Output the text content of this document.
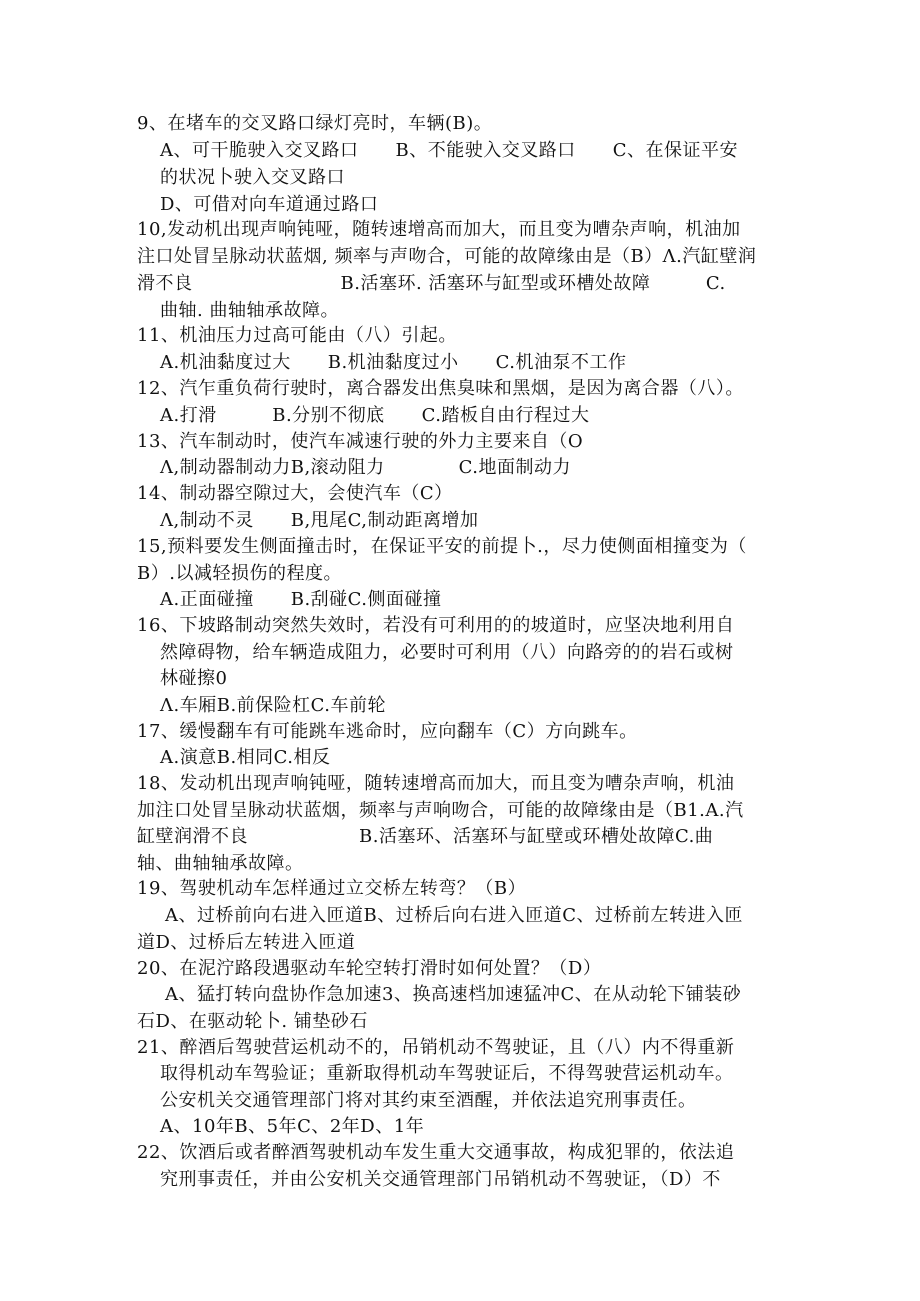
9、在堵车的交叉路口绿灯亮时，车辆(B)。
A、可干脆驶入交叉路口　　B、不能驶入交叉路口　　C、在保证平安
的状况卜驶入交叉路口
D、可借对向车道通过路口
10,发动机出现声响钝哑，随转速增高而加大，而且变为嘈杂声响，机油加
注口处冒呈脉动状蓝烟, 频率与声吻合，可能的故障缘由是（B）Λ.汽缸壁润
滑不良　　　　　　　　B.活塞环. 活塞环与缸型或环槽处故障　　　C.
曲轴. 曲轴轴承故障。
11、机油压力过高可能由（八）引起。
A.机油黏度过大　　B.机油黏度过小　　C.机油泵不工作
12、汽乍重负荷行驶时，离合器发出焦臭味和黑烟，是因为离合器（八）。
A.打滑　　　B.分别不彻底　　C.踏板自由行程过大
13、汽车制动时，使汽车减速行驶的外力主要来自（O
Λ,制动器制动力B,滚动阻力　　　　C.地面制动力
14、制动器空隙过大，会使汽车（C）
Λ,制动不灵　　B,甩尾C,制动距离增加
15,预料要发生侧面撞击时，在保证平安的前提卜.，尽力使侧面相撞变为（
B）.以减轻损伤的程度。
A.正面碰撞　　B.刮碰C.侧面碰撞
16、下坡路制动突然失效时，若没有可利用的的坡道时，应坚决地利用自
然障碍物，给车辆造成阻力，必要时可利用（八）向路旁的的岩石或树
林碰擦0
Λ.车厢B.前保险杠C.车前轮
17、缓慢翻车有可能跳车逃命时，应向翻车（C）方向跳车。
A.演意B.相同C.相反
18、发动机出现声响钝哑，随转速增高而加大，而且变为嘈杂声响，机油
加注口处冒呈脉动状蓝烟，频率与声响吻合，可能的故障缘由是（B1.A.汽
缸壁润滑不良　　　　　　B.活塞环、活塞环与缸壁或环槽处故障C.曲
轴、曲轴轴承故障。
19、驾驶机动车怎样通过立交桥左转弯？（B）
A、过桥前向右进入匝道B、过桥后向右进入匝道C、过桥前左转进入匝
道D、过桥后左转进入匝道
20、在泥泞路段遇驱动车轮空转打滑时如何处置？（D）
A、猛打转向盘协作急加速3、换高速档加速猛冲C、在从动轮下铺装砂
石D、在驱动轮卜. 铺垫砂石
21、醉酒后驾驶营运机动不的，吊销机动不驾驶证，且（八）内不得重新
取得机动车驾验证；重新取得机动车驾驶证后，不得驾驶营运机动车。
公安机关交通管理部门将对其约束至酒醒，并依法追究刑事责任。
A、10年B、5年C、2年D、1年
22、饮酒后或者醉酒驾驶机动车发生重大交通事故，构成犯罪的，依法追
究刑事责任，并由公安机关交通管理部门吊销机动不驾驶证，（D）不
